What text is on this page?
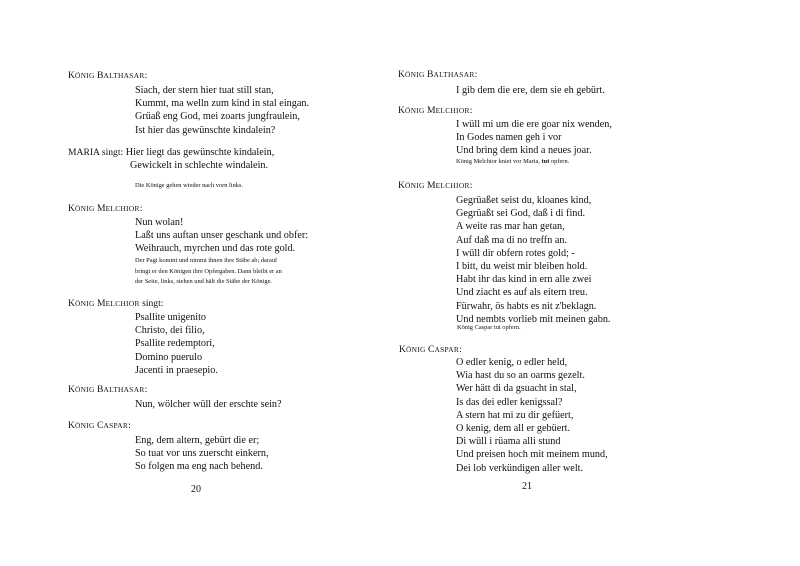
KÖNIG BALTHASAR:
Siach, der stern hier tuat still stan,
Kummt, ma welln zum kind in stal eingan.
Grüaß eng God, mei zoarts jungfraulein,
Ist hier das gewünschte kindalein?
MARIA singt: Hier liegt das gewünschte kindalein,
Gewickelt in schlechte windalein.
Die Könige gehen wieder nach vorn links.
KÖNIG MELCHIOR:
Nun wolan!
Laßt uns auftan unser geschank und obfer:
Weihrauch, myrchen und das rote gold.
Der Pagi kommt und nimmt ihnen ihre Stäbe ab; darauf
bringt er den Königen ihre Opfergaben. Dann bleibt er an
der Seite, links, stehen und hält die Stäbe der Könige.
KÖNIG MELCHIOR singt:
Psallite unigenito
Christo, dei filio,
Psallite redemptori,
Domino puerulo
Jacenti in praesepio.
KÖNIG BALTHASAR:
Nun, wölcher wüll der erschte sein?
KÖNIG CASPAR:
Eng, dem altern, gebürt die er;
So tuat vor uns zuerscht einkern,
So folgen ma eng nach behend.
20
KÖNIG BALTHASAR:
I gib dem die ere, dem sie eh gebürt.
KÖNIG MELCHIOR:
I wüll mi um die ere goar nix wenden,
In Godes namen geh i vor
Und bring dem kind a neues joar.
König Melchior kniet vor Maria, tut opfern.
KÖNIG MELCHIOR:
Gegrüaßet seist du, kloanes kind,
Gegrüaßt sei God, daß i di find.
A weite ras mar han getan,
Auf daß ma di no treffn an.
I wüll dir obfern rotes gold; -
I bitt, du weist mir bleiben hold.
Habt ihr das kind in ern alle zwei
Und ziacht es auf als eitern treu.
Fürwahr, ös habts es nit z'beklagn.
Und nembts vorlieb mit meinen gabn.
König Caspar tut opfern.
KÖNIG CASPAR:
O edler kenig, o edler held,
Wia hast du so an oarms gezelt.
Wer hätt di da gsuacht in stal,
Is das dei edler kenigssal?
A stern hat mi zu dir gefüert,
O kenig, dem all er gebüert.
Di wüll i rüama alli stund
Und preisen hoch mit meinem mund,
Dei lob verkündigen aller welt.
21
